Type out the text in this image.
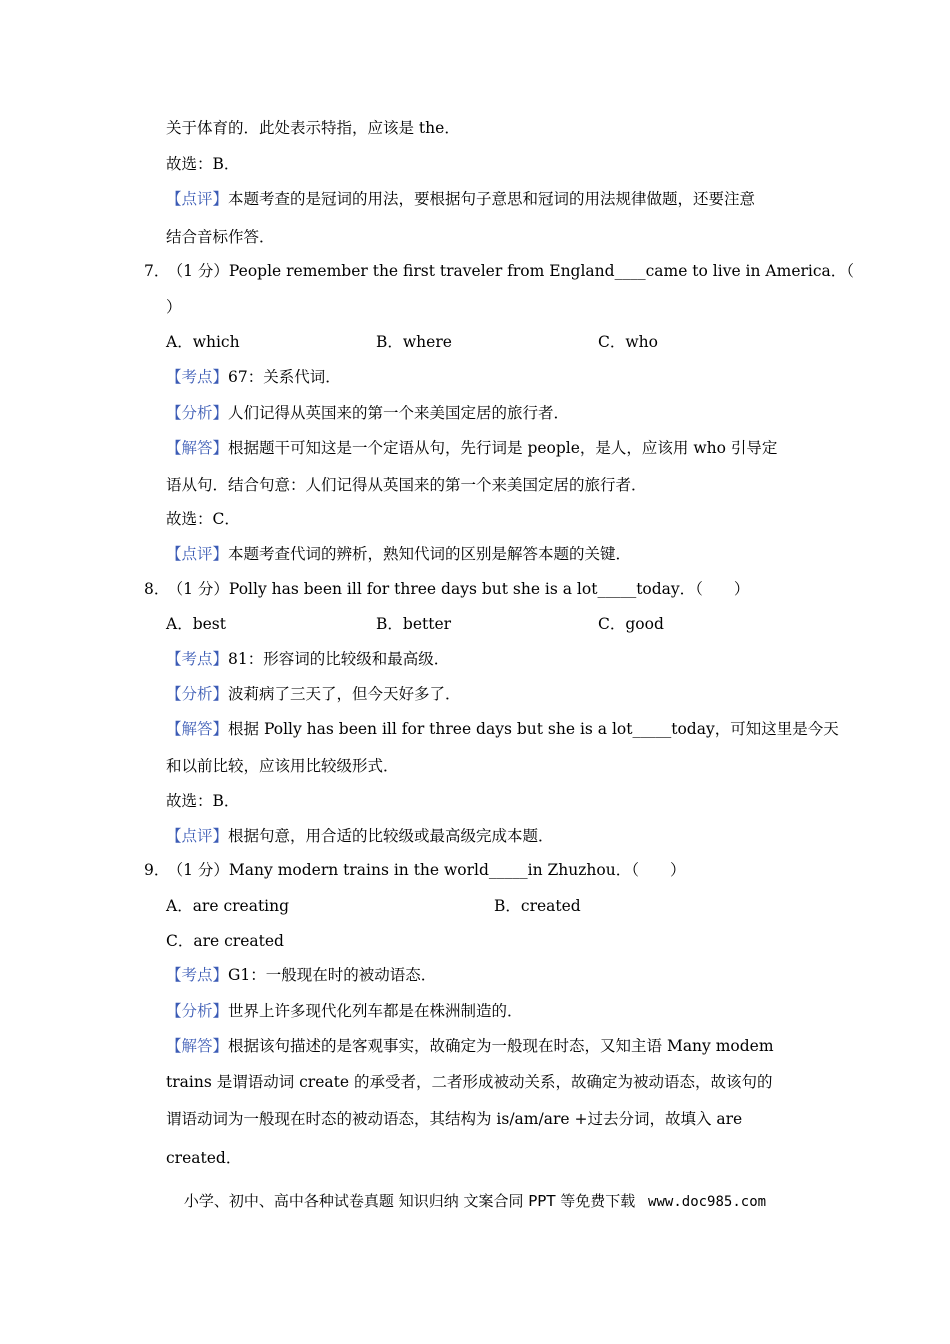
关于体育的．此处表示特指，应该是 the．
故选：B．
【点评】本题考查的是冠词的用法，要根据句子意思和冠词的用法规律做题，还要注意
结合音标作答．
7． （1 分）People remember the first traveler from England____came to live in America．（
）
A．which	B．where	C．who
【考点】67：关系代词．
【分析】人们记得从英国来的第一个来美国定居的旅行者．
【解答】根据题干可知这是一个定语从句，先行词是 people，是人，应该用 who 引导定
语从句．结合句意：人们记得从英国来的第一个来美国定居的旅行者．
故选：C．
【点评】本题考查代词的辨析，熟知代词的区别是解答本题的关键．
8． （1 分）Polly has been ill for three days but she is a lot_____today．（　　）
A．best	B．better	C．good
【考点】81：形容词的比较级和最高级．
【分析】波莉病了三天了，但今天好多了．
【解答】根据 Polly has been ill for three days but she is a lot_____today，可知这里是今天
和以前比较，应该用比较级形式．
故选：B．
【点评】根据句意，用合适的比较级或最高级完成本题．
9． （1 分）Many modern trains in the world_____in Zhuzhou．（　　）
A．are creating	B．created
C．are created
【考点】G1：一般现在时的被动语态．
【分析】世界上许多现代化列车都是在株洲制造的．
【解答】根据该句描述的是客观事实，故确定为一般现在时态，又知主语 Many modem
trains 是谓语动词 create 的承受者，二者形成被动关系，故确定为被动语态，故该句的
谓语动词为一般现在时态的被动语态，其结构为 is/am/are +过去分词，故填入 are
created．
小学、初中、高中各种试卷真题 知识归纳 文案合同 PPT 等免费下载 www.doc985.com
